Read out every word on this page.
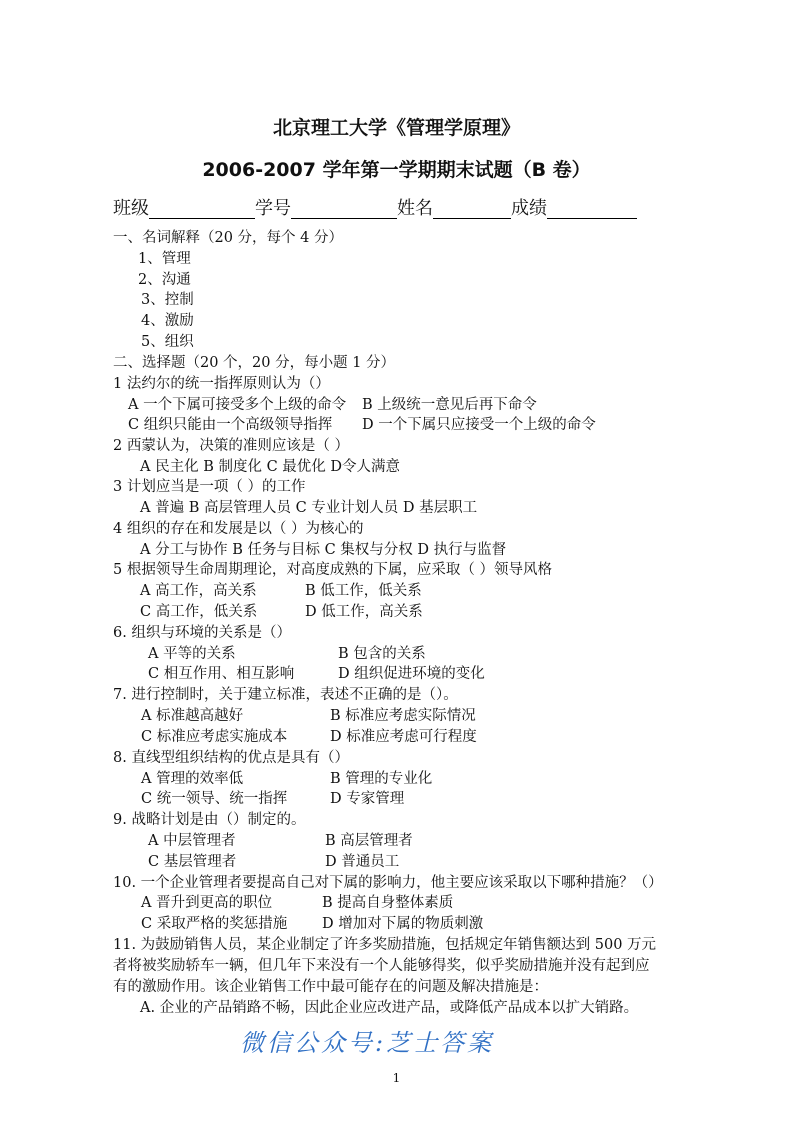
北京理工大学《管理学原理》
2006-2007 学年第一学期期末试题（B 卷）
班级	学号	姓名	成绩
一、名词解释（20 分，每个 4 分）
1、管理
2、沟通
3、控制
4、激励
5、组织
二、选择题（20 个，20 分，每小题 1 分）
1 法约尔的统一指挥原则认为（）
A 一个下属可接受多个上级的命令 B 上级统一意见后再下命令
C 组织只能由一个高级领导指挥 D 一个下属只应接受一个上级的命令
2 西蒙认为，决策的准则应该是（ ）
A 民主化 B 制度化 C 最优化 D令人满意
3 计划应当是一项（ ）的工作
A 普遍 B 高层管理人员 C 专业计划人员 D 基层职工
4 组织的存在和发展是以（ ）为核心的
A 分工与协作 B 任务与目标 C 集权与分权 D 执行与监督
5 根据领导生命周期理论，对高度成熟的下属，应采取（ ）领导风格
A 高工作，高关系	B 低工作，低关系
C 高工作，低关系	D 低工作，高关系
6. 组织与环境的关系是（）
A 平等的关系	B 包含的关系
C 相互作用、相互影响	D 组织促进环境的变化
7. 进行控制时，关于建立标准，表述不正确的是（）。
A 标准越高越好	B 标准应考虑实际情况
C 标准应考虑实施成本	D 标准应考虑可行程度
8. 直线型组织结构的优点是具有（）
A 管理的效率低	B 管理的专业化
C 统一领导、统一指挥	D 专家管理
9. 战略计划是由（）制定的。
A 中层管理者	B 高层管理者
C 基层管理者	D 普通员工
10. 一个企业管理者要提高自己对下属的影响力，他主要应该采取以下哪种措施？（）
A 晋升到更高的职位	B 提高自身整体素质
C 采取严格的奖惩措施 D 增加对下属的物质刺激
11. 为鼓励销售人员，某企业制定了许多奖励措施，包括规定年销售额达到 500 万元
者将被奖励轿车一辆，但几年下来没有一个人能够得奖，似乎奖励措施并没有起到应
有的激励作用。该企业销售工作中最可能存在的问题及解决措施是：
A. 企业的产品销路不畅，因此企业应改进产品，或降低产品成本以扩大销路。
微信公众号:芝士答案
1
